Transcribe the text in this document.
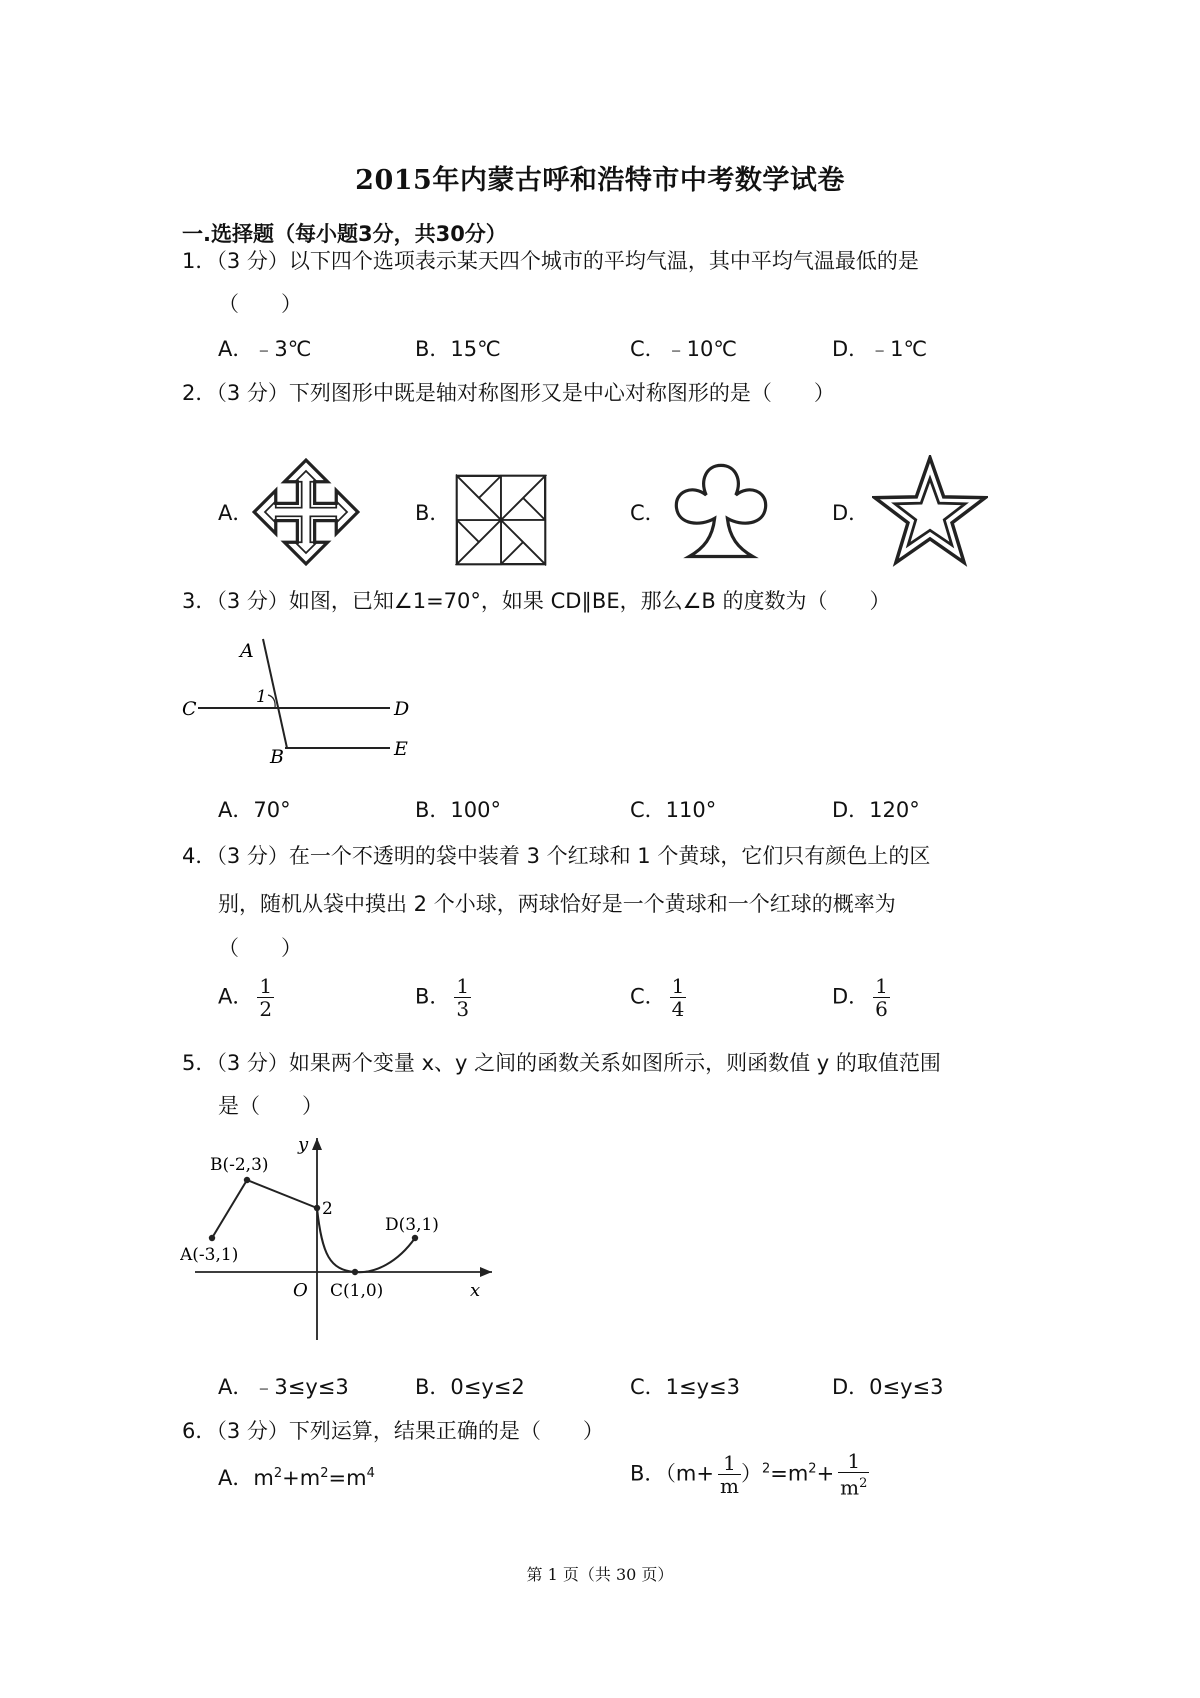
2015年内蒙古呼和浩特市中考数学试卷
一.选择题（每小题3分，共30分）
1．（3 分）以下四个选项表示某天四个城市的平均气温，其中平均气温最低的是
（　　）
A．﹣3℃	B．15℃	C．﹣10℃	D．﹣1℃
2．（3 分）下列图形中既是轴对称图形又是中心对称图形的是（　　）
A．	B．	C．	D．
3．（3 分）如图，已知∠1=70°，如果 CD∥BE，那么∠B 的度数为（　　）
A
C
1
D
B	E
A．70°	B．100°	C．110°	D．120°
4．（3 分）在一个不透明的袋中装着 3 个红球和 1 个黄球，它们只有颜色上的区
别，随机从袋中摸出 2 个小球，两球恰好是一个黄球和一个红球的概率为
（　　）
A． $\frac{1}{2}$	B． $\frac{1}{3}$	C． $\frac{1}{4}$	D． $\frac{1}{6}$
5．（3 分）如果两个变量 x、y 之间的函数关系如图所示，则函数值 y 的取值范围
是（　　）
y
x
O
2
A(-3,1)
B(-2,3)
C(1,0)
D(3,1)
A．﹣3≤y≤3	B．0≤y≤2	C．1≤y≤3	D．0≤y≤3
6．（3 分）下列运算，结果正确的是（　　）
A．$m^2+m^2=m^4$	B．$(m+ \frac{1}{m} )^2=m^2+ \frac{1}{m^2}$
第 1 页（共 30 页）
